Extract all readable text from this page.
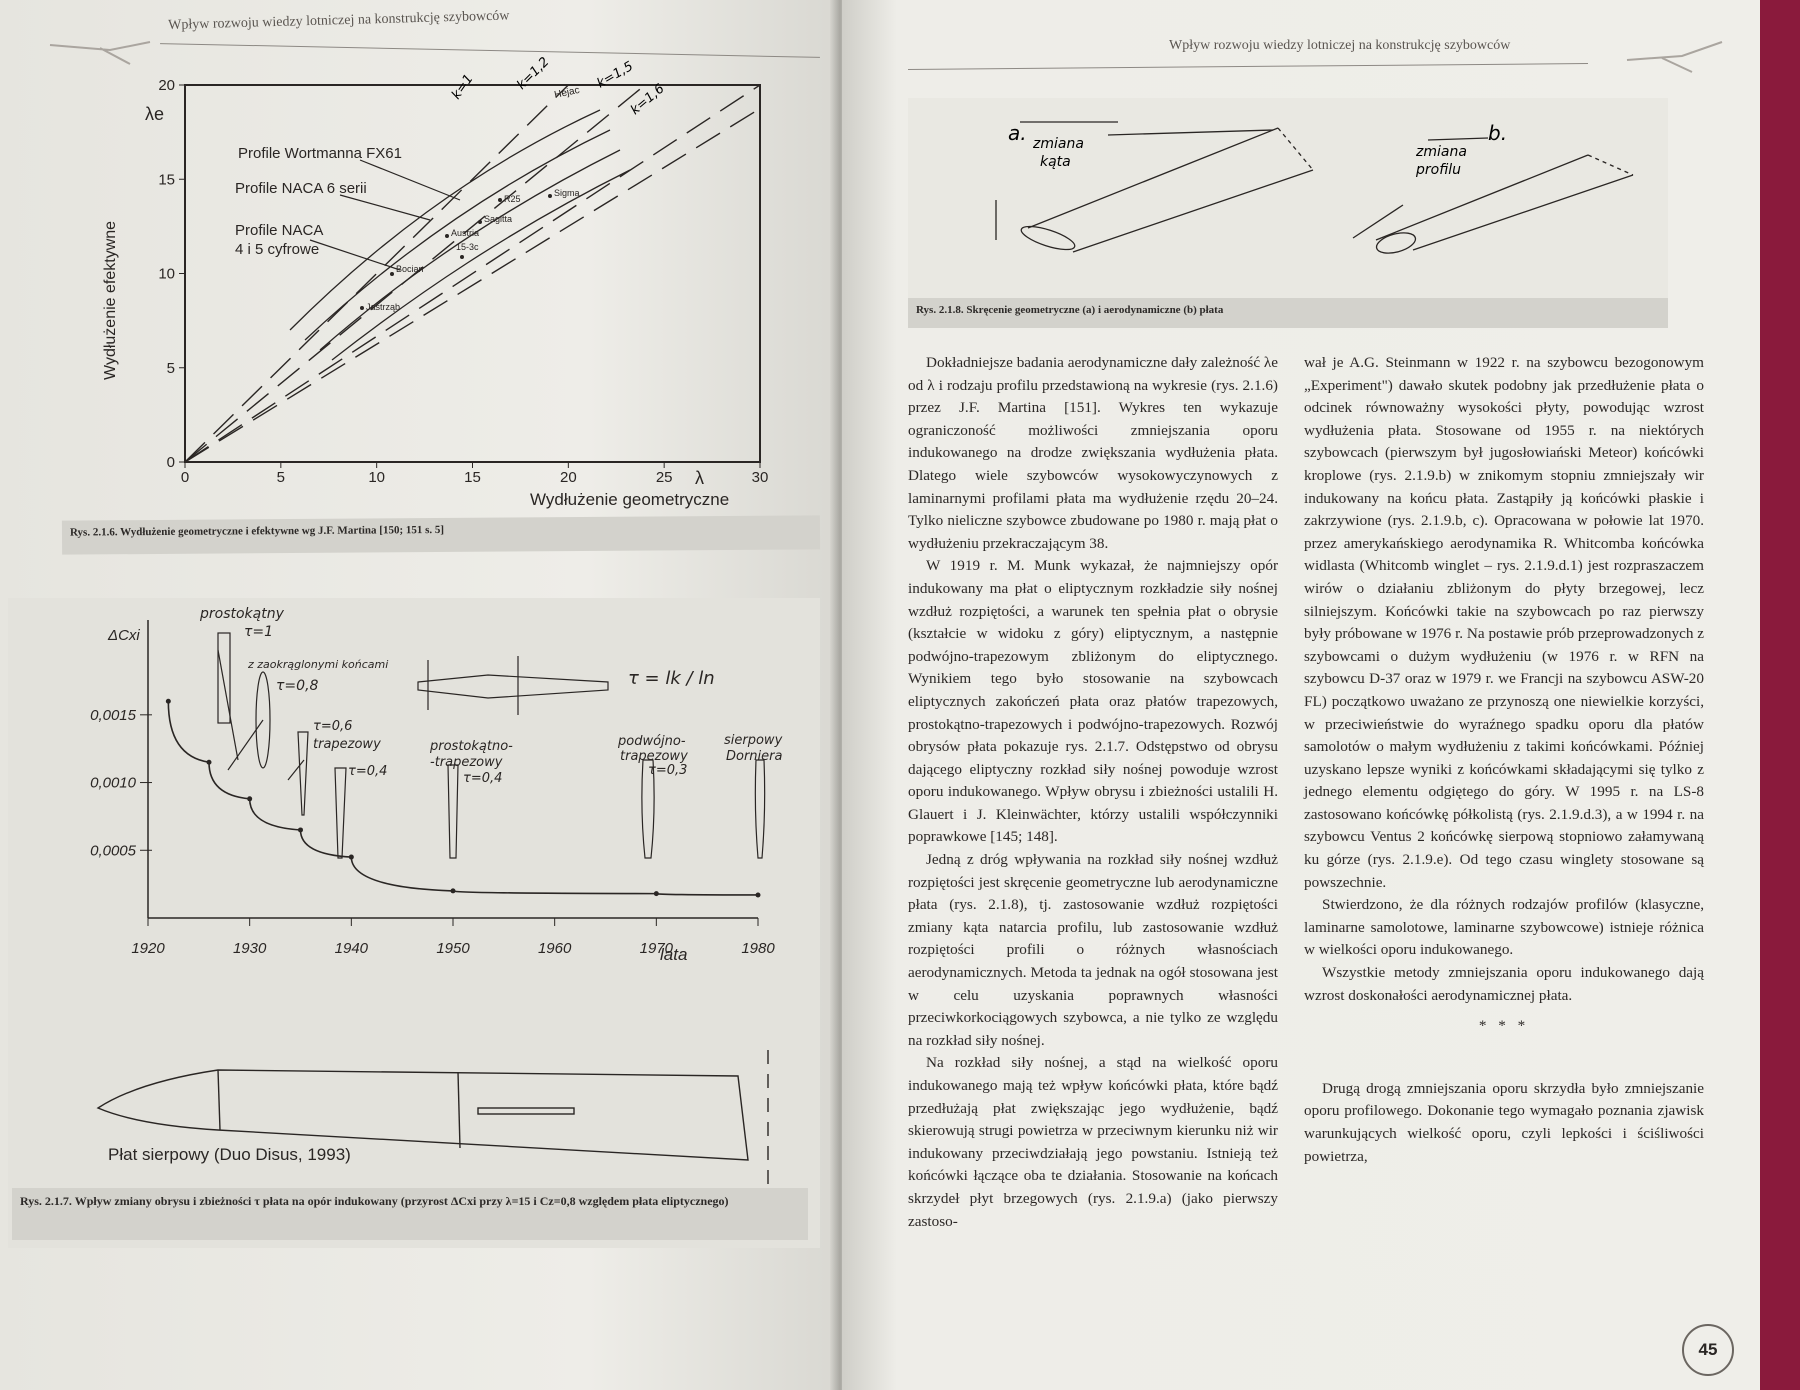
Wpływ rozwoju wiedzy lotniczej na konstrukcję szybowców
0	5	10	15	20	25	30
0
5
10
15
20
Wydłużenie efektywne
λe
Wydłużenie geometryczne
λ
Profile Wortmanna FX61
Profile NACA 6 serii
Profile NACA
4 i 5 cyfrowe
k=1	k=1,2	k=1,5
k=1,6
Bocian
Jastrząb
Austria
Sagitta
R25
Sigma
15-3c
Hejac
Rys. 2.1.6. Wydłużenie geometryczne i efektywne wg J.F. Martina [150; 151 s. 5]
1920	1930	1940	1950	1960	1970	1980
0,0005
0,0010
0,0015
ΔCxi
lata
prostokątny
τ=1
z zaokrąglonymi końcami
τ=0,8
τ=0,6
trapezowy
τ=0,4
prostokątno-
-trapezowy
τ=0,4
podwójno-
trapezowy
τ=0,3
sierpowy
Dorniera
τ = lk / ln
Płat sierpowy (Duo Disus, 1993)
Rys. 2.1.7. Wpływ zmiany obrysu i zbieżności τ płata na opór indukowany (przyrost ΔCxi przy λ=15 i Cz=0,8 względem płata eliptycznego)
Wpływ rozwoju wiedzy lotniczej na konstrukcję szybowców
a. zmiana
kąta
b.
zmiana
profilu
Rys. 2.1.8. Skręcenie geometryczne (a) i aerodynamiczne (b) płata

Dokładniejsze badania aerodynamiczne dały zależność λe od λ i rodzaju profilu przedstawioną na wykresie (rys. 2.1.6) przez J.F. Martina [151]. Wykres ten wykazuje ograniczoność możliwości zmniejszania oporu indukowanego na drodze zwiększania wydłużenia płata. Dlatego wiele szybowców wysokowyczynowych z laminarnymi profilami płata ma wydłużenie rzędu 20–24. Tylko nieliczne szybowce zbudowane po 1980 r. mają płat o wydłużeniu przekraczającym 38.

W 1919 r. M. Munk wykazał, że najmniejszy opór indukowany ma płat o eliptycznym rozkładzie siły nośnej wzdłuż rozpiętości, a warunek ten spełnia płat o obrysie (kształcie w widoku z góry) eliptycznym, a następnie podwójno-trapezowym zbliżonym do eliptycznego. Wynikiem tego było stosowanie na szybowcach eliptycznych zakończeń płata oraz płatów trapezowych, prostokątno-trapezowych i podwójno-trapezowych. Rozwój obrysów płata pokazuje rys. 2.1.7. Odstępstwo od obrysu dającego eliptyczny rozkład siły nośnej powoduje wzrost oporu indukowanego. Wpływ obrysu i zbieżności ustalili H. Glauert i J. Kleinwächter, którzy ustalili współczynniki poprawkowe [145; 148].

Jedną z dróg wpływania na rozkład siły nośnej wzdłuż rozpiętości jest skręcenie geometryczne lub aerodynamiczne płata (rys. 2.1.8), tj. zastosowanie wzdłuż rozpiętości zmiany kąta natarcia profilu, lub zastosowanie wzdłuż rozpiętości profili o różnych własnościach aerodynamicznych. Metoda ta jednak na ogół stosowana jest w celu uzyskania poprawnych własności przeciwkorkociągowych szybowca, a nie tylko ze względu na rozkład siły nośnej.

Na rozkład siły nośnej, a stąd na wielkość oporu indukowanego mają też wpływ końcówki płata, które bądź przedłużają płat zwiększając jego wydłużenie, bądź skierowują strugi powietrza w przeciwnym kierunku niż wir indukowany przeciwdziałają jego powstaniu. Istnieją też końcówki łączące oba te działania. Stosowanie na końcach skrzydeł płyt brzegowych (rys. 2.1.9.a) (jako pierwszy zastoso-

wał je A.G. Steinmann w 1922 r. na szybowcu bezogonowym „Experiment") dawało skutek podobny jak przedłużenie płata o odcinek równoważny wysokości płyty, powodując wzrost wydłużenia płata. Stosowane od 1955 r. na niektórych szybowcach (pierwszym był jugosłowiański Meteor) końcówki kroplowe (rys. 2.1.9.b) w znikomym stopniu zmniejszały wir indukowany na końcu płata. Zastąpiły ją końcówki płaskie i zakrzywione (rys. 2.1.9.b, c). Opracowana w połowie lat 1970. przez amerykańskiego aerodynamika R. Whitcomba końcówka widlasta (Whitcomb winglet – rys. 2.1.9.d.1) jest rozpraszaczem wirów o działaniu zbliżonym do płyty brzegowej, lecz silniejszym. Końcówki takie na szybowcach po raz pierwszy były próbowane w 1976 r. Na postawie prób przeprowadzonych z szybowcami o dużym wydłużeniu (w 1976 r. w RFN na szybowcu D-37 oraz w 1979 r. we Francji na szybowcu ASW-20 FL) początkowo uważano ze przynoszą one niewielkie korzyści, w przeciwieństwie do wyraźnego spadku oporu dla płatów samolotów o małym wydłużeniu z takimi końcówkami. Później uzyskano lepsze wyniki z końcówkami składającymi się tylko z jednego elementu odgiętego do góry. W 1995 r. na LS-8 zastosowano końcówkę półkolistą (rys. 2.1.9.d.3), a w 1994 r. na szybowcu Ventus 2 końcówkę sierpową stopniowo załamywaną ku górze (rys. 2.1.9.e). Od tego czasu winglety stosowane są powszechnie.

Stwierdzono, że dla różnych rodzajów profilów (klasyczne, laminarne samolotowe, laminarne szybowcowe) istnieje różnica w wielkości oporu indukowanego.

Wszystkie metody zmniejszania oporu indukowanego dają wzrost doskonałości aerodynamicznej płata.

* * *

Drugą drogą zmniejszania oporu skrzydła było zmniejszanie oporu profilowego. Dokonanie tego wymagało poznania zjawisk warunkujących wielkość oporu, czyli lepkości i ściśliwości powietrza,

45
